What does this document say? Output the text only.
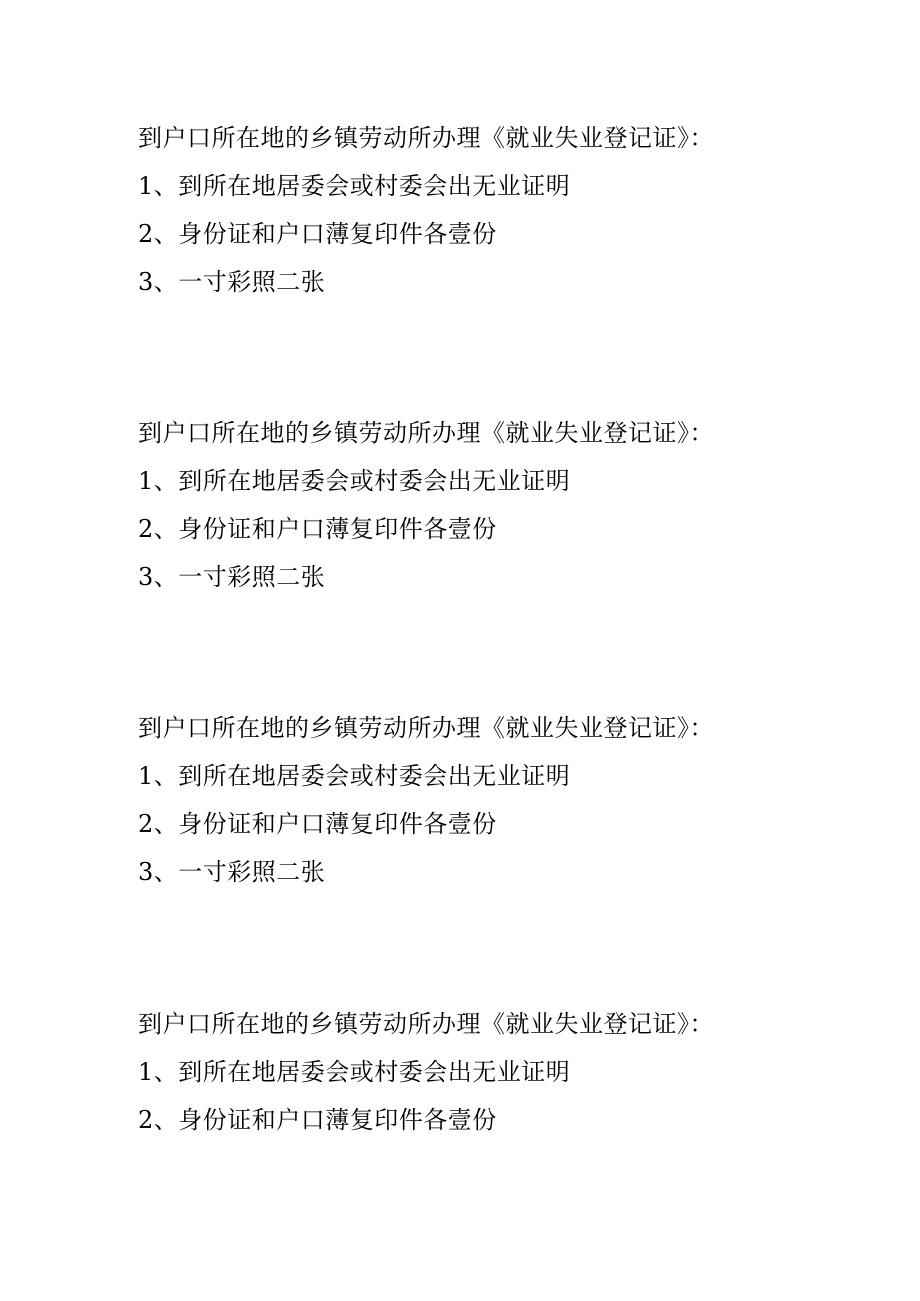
到户口所在地的乡镇劳动所办理《就业失业登记证》：
1、到所在地居委会或村委会出无业证明
2、身份证和户口薄复印件各壹份
3、一寸彩照二张
到户口所在地的乡镇劳动所办理《就业失业登记证》：
1、到所在地居委会或村委会出无业证明
2、身份证和户口薄复印件各壹份
3、一寸彩照二张
到户口所在地的乡镇劳动所办理《就业失业登记证》：
1、到所在地居委会或村委会出无业证明
2、身份证和户口薄复印件各壹份
3、一寸彩照二张
到户口所在地的乡镇劳动所办理《就业失业登记证》：
1、到所在地居委会或村委会出无业证明
2、身份证和户口薄复印件各壹份
